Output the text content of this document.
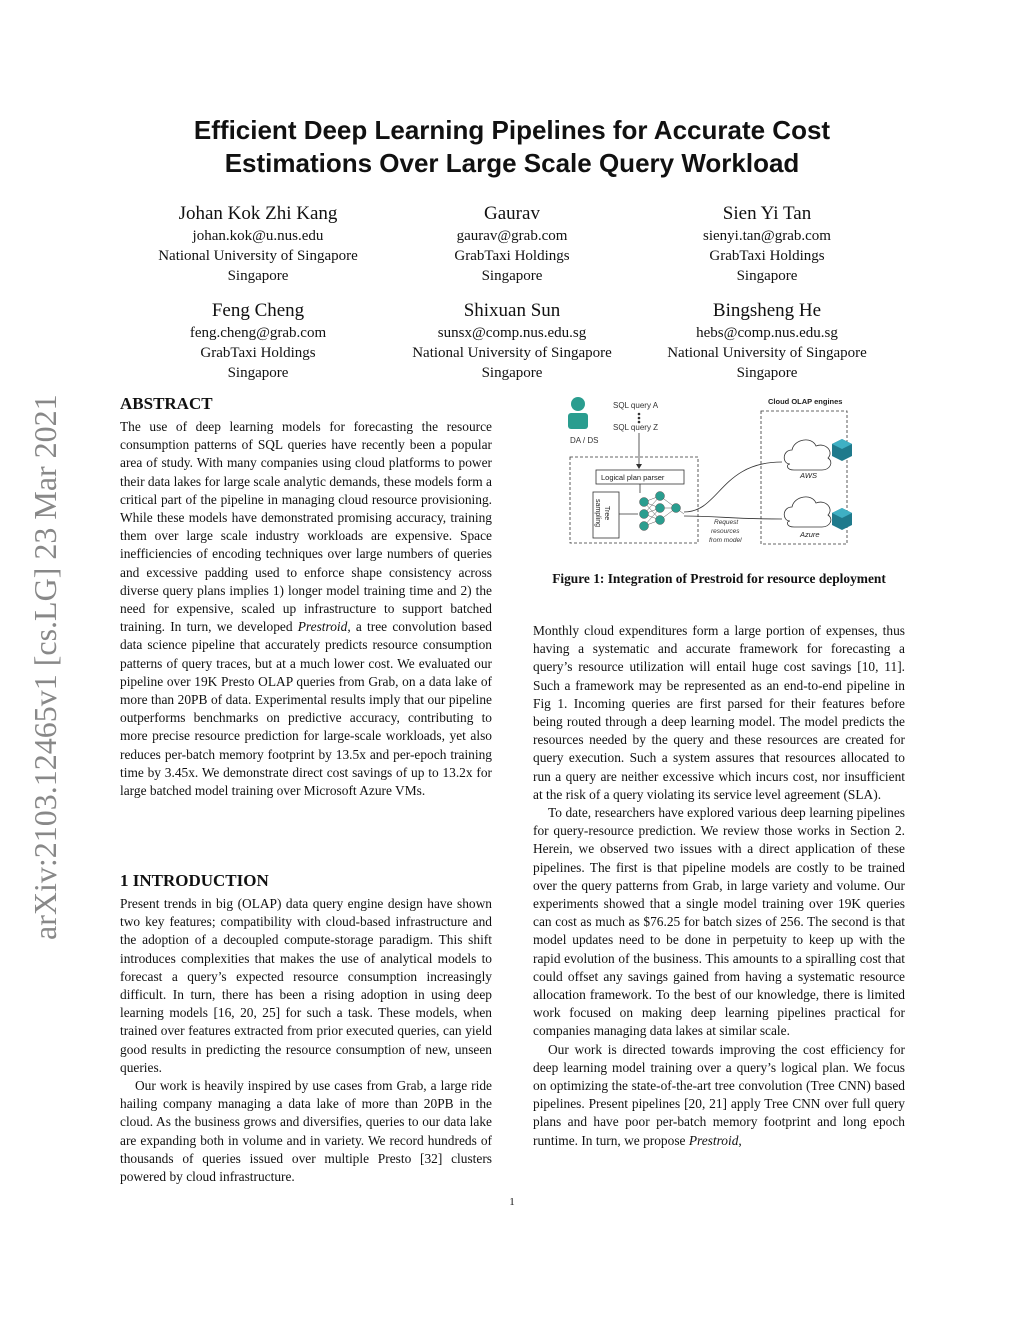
arXiv:2103.12465v1 [cs.LG] 23 Mar 2021
Efficient Deep Learning Pipelines for Accurate Cost
Estimations Over Large Scale Query Workload
Johan Kok Zhi Kang
johan.kok@u.nus.edu
National University of Singapore
Singapore
Gaurav
gaurav@grab.com
GrabTaxi Holdings
Singapore
Sien Yi Tan
sienyi.tan@grab.com
GrabTaxi Holdings
Singapore
Feng Cheng
feng.cheng@grab.com
GrabTaxi Holdings
Singapore
Shixuan Sun
sunsx@comp.nus.edu.sg
National University of Singapore
Singapore
Bingsheng He
hebs@comp.nus.edu.sg
National University of Singapore
Singapore
ABSTRACT

The use of deep learning models for forecasting the resource consumption patterns of SQL queries have recently been a popular area of study. With many companies using cloud platforms to power their data lakes for large scale analytic demands, these models form a critical part of the pipeline in managing cloud resource provisioning. While these models have demonstrated promising accuracy, training them over large scale industry workloads are expensive. Space inefficiencies of encoding techniques over large numbers of queries and excessive padding used to enforce shape consistency across diverse query plans implies 1) longer model training time and 2) the need for expensive, scaled up infrastructure to support batched training. In turn, we developed Prestroid, a tree convolution based data science pipeline that accurately predicts resource consumption patterns of query traces, but at a much lower cost. We evaluated our pipeline over 19K Presto OLAP queries from Grab, on a data lake of more than 20PB of data. Experimental results imply that our pipeline outperforms benchmarks on predictive accuracy, contributing to more precise resource prediction for large-scale workloads, yet also reduces per-batch memory footprint by 13.5x and per-epoch training time by 3.45x. We demonstrate direct cost savings of up to 13.2x for large batched model training over Microsoft Azure VMs.

1 INTRODUCTION

Present trends in big (OLAP) data query engine design have shown two key features; compatibility with cloud-based infrastructure and the adoption of a decoupled compute-storage paradigm. This shift introduces complexities that makes the use of analytical models to forecast a query’s expected resource consumption increasingly difficult. In turn, there has been a rising adoption in using deep learning models [16, 20, 25] for such a task. These models, when trained over features extracted from prior executed queries, can yield good results in predicting the resource consumption of new, unseen queries.

Our work is heavily inspired by use cases from Grab, a large ride hailing company managing a data lake of more than 20PB in the cloud. As the business grows and diversifies, queries to our data lake are expanding both in volume and in variety. We record hundreds of thousands of queries issued over multiple Presto [32] clusters powered by cloud infrastructure.

DA / DS
SQL query A
SQL query Z
Cloud OLAP engines
Logical plan parser
Tree
sampling	Request
resources
from model
AWS
Azure
Figure 1: Integration of Prestroid for resource deployment

Monthly cloud expenditures form a large portion of expenses, thus having a systematic and accurate framework for forecasting a query’s resource utilization will entail huge cost savings [10, 11]. Such a framework may be represented as an end-to-end pipeline in Fig 1. Incoming queries are first parsed for their features before being routed through a deep learning model. The model predicts the resources needed by the query and these resources are created for query execution. Such a system assures that resources allocated to run a query are neither excessive which incurs cost, nor insufficient at the risk of a query violating its service level agreement (SLA).

To date, researchers have explored various deep learning pipelines for query-resource prediction. We review those works in Section 2. Herein, we observed two issues with a direct application of these pipelines. The first is that pipeline models are costly to be trained over the query patterns from Grab, in large variety and volume. Our experiments showed that a single model training over 19K queries can cost as much as $76.25 for batch sizes of 256. The second is that model updates need to be done in perpetuity to keep up with the rapid evolution of the business. This amounts to a spiralling cost that could offset any savings gained from having a systematic resource allocation framework. To the best of our knowledge, there is limited work focused on making deep learning pipelines practical for companies managing data lakes at similar scale.

Our work is directed towards improving the cost efficiency for deep learning model training over a query’s logical plan. We focus on optimizing the state-of-the-art tree convolution (Tree CNN) based pipelines. Present pipelines [20, 21] apply Tree CNN over full query plans and have poor per-batch memory footprint and long epoch runtime. In turn, we propose Prestroid,

1
